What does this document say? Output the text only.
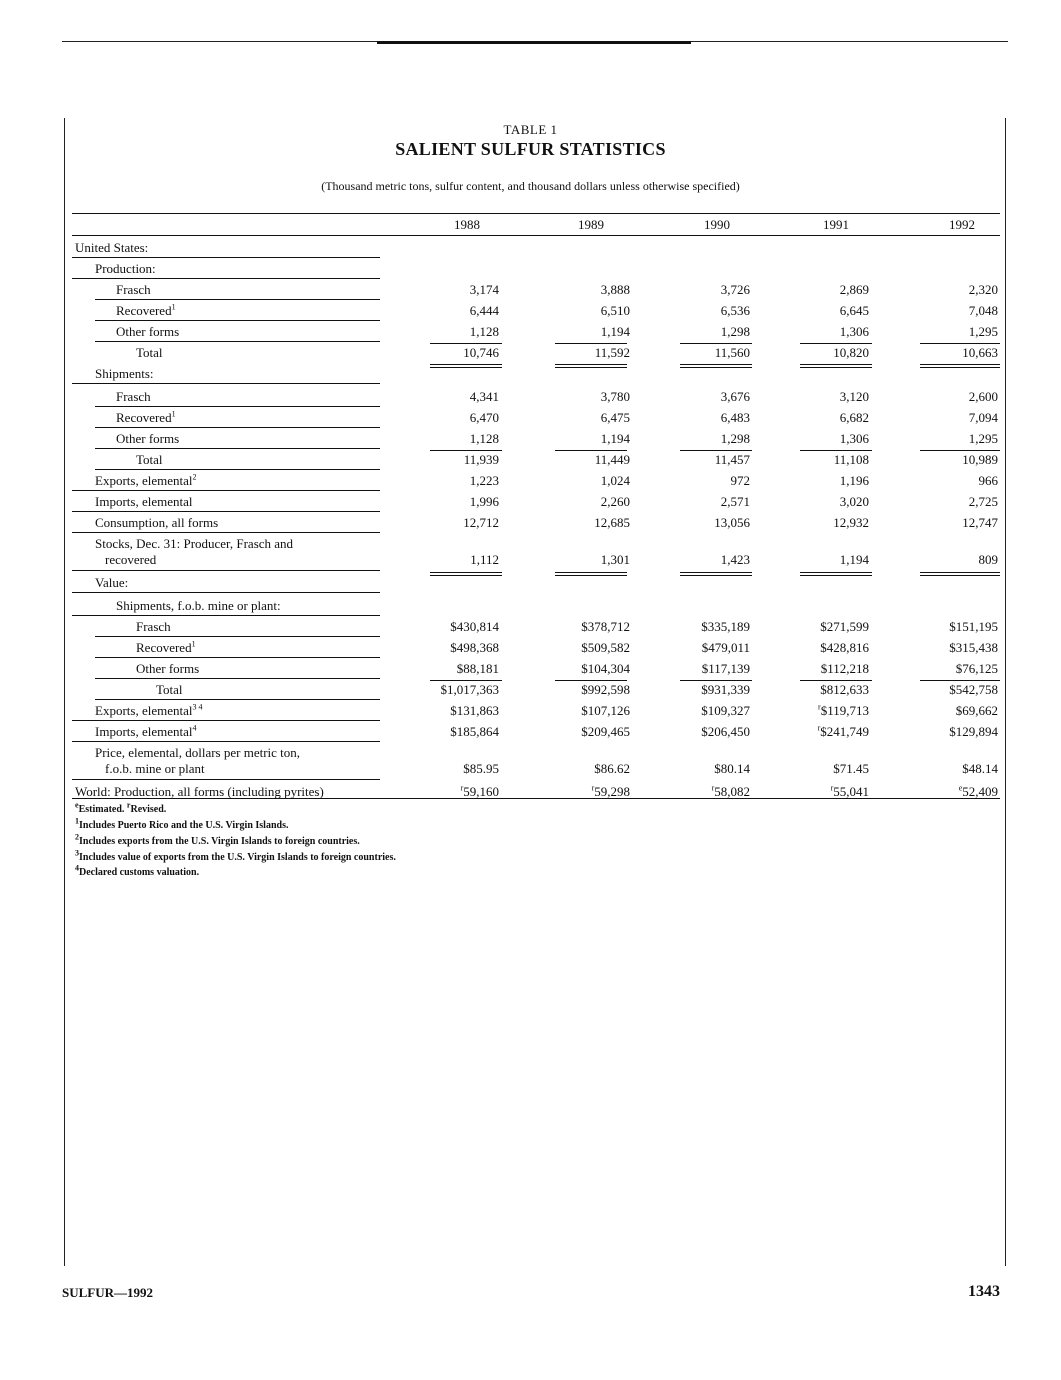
TABLE 1
SALIENT SULFUR STATISTICS
(Thousand metric tons, sulfur content, and thousand dollars unless otherwise specified)
1988	1989	1990	1991	1992
United States:
Production:
Frasch	3,174	3,888	3,726	2,869	2,320
Recovered$^1$	6,444	6,510	6,536	6,645	7,048
Other forms	1,128	1,194	1,298	1,306	1,295
Total	10,746	11,592	11,560	10,820	10,663
Shipments:
Frasch	4,341	3,780	3,676	3,120	2,600
Recovered$^1$	6,470	6,475	6,483	6,682	7,094
Other forms	1,128	1,194	1,298	1,306	1,295
Total	11,939	11,449	11,457	11,108	10,989
Exports, elemental$^2$	1,223	1,024	972	1,196	966
Imports, elemental	1,996	2,260	2,571	3,020	2,725
Consumption, all forms	12,712	12,685	13,056	12,932	12,747
Stocks, Dec. 31: Producer, Frasch and
recovered	1,112	1,301	1,423	1,194	809
Value:
Shipments, f.o.b. mine or plant:
Frasch	$430,814	$378,712	$335,189	$271,599	$151,195
Recovered$^1$	$498,368	$509,582	$479,011	$428,816	$315,438
Other forms	$88,181	$104,304	$117,139	$112,218	$76,125
Total	$1,017,363	$992,598	$931,339	$812,633	$542,758
Exports, elemental$^{3 4}$	$131,863	$107,126	$109,327	$^r$\$119,713	$69,662
Imports, elemental$^4$	$185,864	$209,465	$206,450	$^r$\$241,749	$129,894
Price, elemental, dollars per metric ton,
f.o.b. mine or plant	$85.95	$86.62	$80.14	$71.45	$48.14
World: Production, all forms (including pyrites)	$^r$59,160	$^r$59,298	$^r$58,082	$^r$55,041	$^e$52,409
$^e$Estimated. $^r$Revised.
$^1$Includes Puerto Rico and the U.S. Virgin Islands.
$^2$Includes exports from the U.S. Virgin Islands to foreign countries.
$^3$Includes value of exports from the U.S. Virgin Islands to foreign countries.
$^4$Declared customs valuation.
SULFUR—1992	1343
